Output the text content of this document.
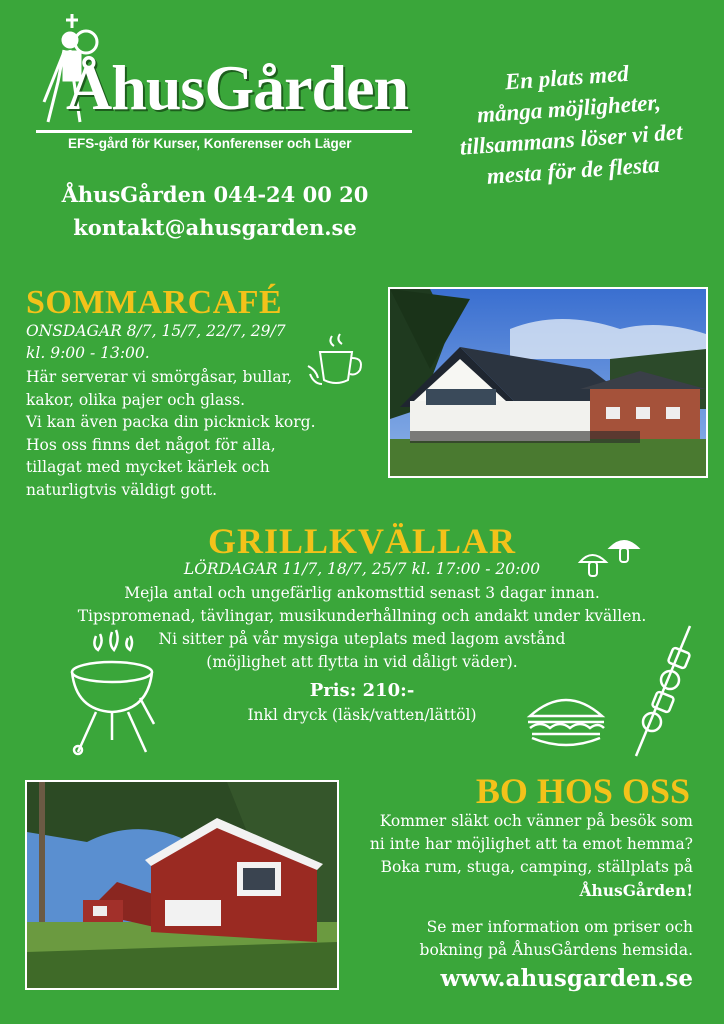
ÅhusGården
EFS-gård för Kurser, Konferenser och Läger
ÅhusGården 044-24 00 20
kontakt@ahusgarden.se
En plats med
många möjligheter,
tillsammans löser vi det
mesta för de flesta
SOMMARCAFÉ
ONSDAGAR 8/7, 15/7, 22/7, 29/7
kl. 9:00 - 13:00.
Här serverar vi smörgåsar, bullar,
kakor, olika pajer och glass.
Vi kan även packa din picknick korg.
Hos oss finns det något för alla,
tillagat med mycket kärlek och
naturligtvis väldigt gott.
GRILLKVÄLLAR
LÖRDAGAR 11/7, 18/7, 25/7 kl. 17:00 - 20:00
Mejla antal och ungefärlig ankomsttid senast 3 dagar innan.
Tipspromenad, tävlingar, musikunderhållning och andakt under kvällen.
Ni sitter på vår mysiga uteplats med lagom avstånd
(möjlighet att flytta in vid dåligt väder).
Pris: 210:-
Inkl dryck (läsk/vatten/lättöl)
BO HOS OSS
Kommer släkt och vänner på besök som
ni inte har möjlighet att ta emot hemma?
Boka rum, stuga, camping, ställplats på
ÅhusGården!
Se mer information om priser och
bokning på ÅhusGårdens hemsida.
www.ahusgarden.se
